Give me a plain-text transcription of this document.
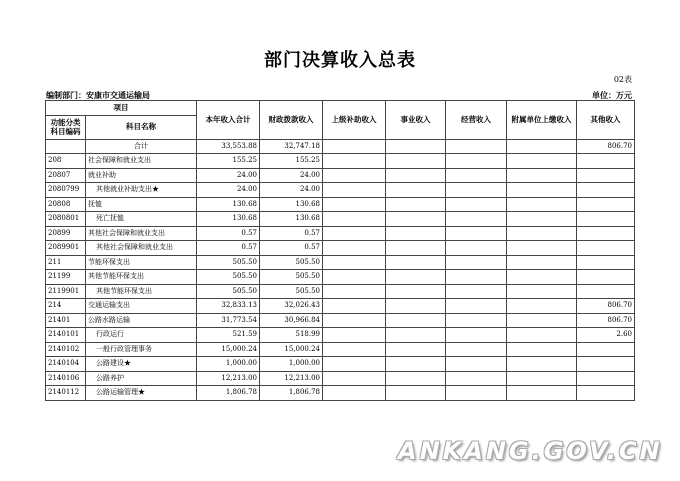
部门决算收入总表
02表
编制部门：安康市交通运输局	单位：万元
项目		本年收入合计	财政拨款收入	上级补助收入	事业收入	经营收入	附属单位上缴收入	其他收入
功能分类
科目编码	科目名称							
	合计	33,553.88	32,747.18					806.70
208	社会保障和就业支出	155.25	155.25					
20807	就业补助	24.00	24.00					
2080799	其他就业补助支出★	24.00	24.00					
20808	抚恤	130.68	130.68					
2080801	死亡抚恤	130.68	130.68					
20899	其他社会保障和就业支出	0.57	0.57					
2089901	其他社会保障和就业支出	0.57	0.57					
211	节能环保支出	505.50	505.50					
21199	其他节能环保支出	505.50	505.50					
2119901	其他节能环保支出	505.50	505.50					
214	交通运输支出	32,833.13	32,026.43					806.70
21401	公路水路运输	31,773.54	30,966.84					806.70
2140101	行政运行	521.59	518.99					2.60
2140102	一般行政管理事务	15,000.24	15,000.24					
2140104	公路建设★	1,000.00	1,000.00					
2140106	公路养护	12,213.00	12,213.00					
2140112	公路运输管理★	1,806.78	1,806.78					
ANKANG.GOV.CN
